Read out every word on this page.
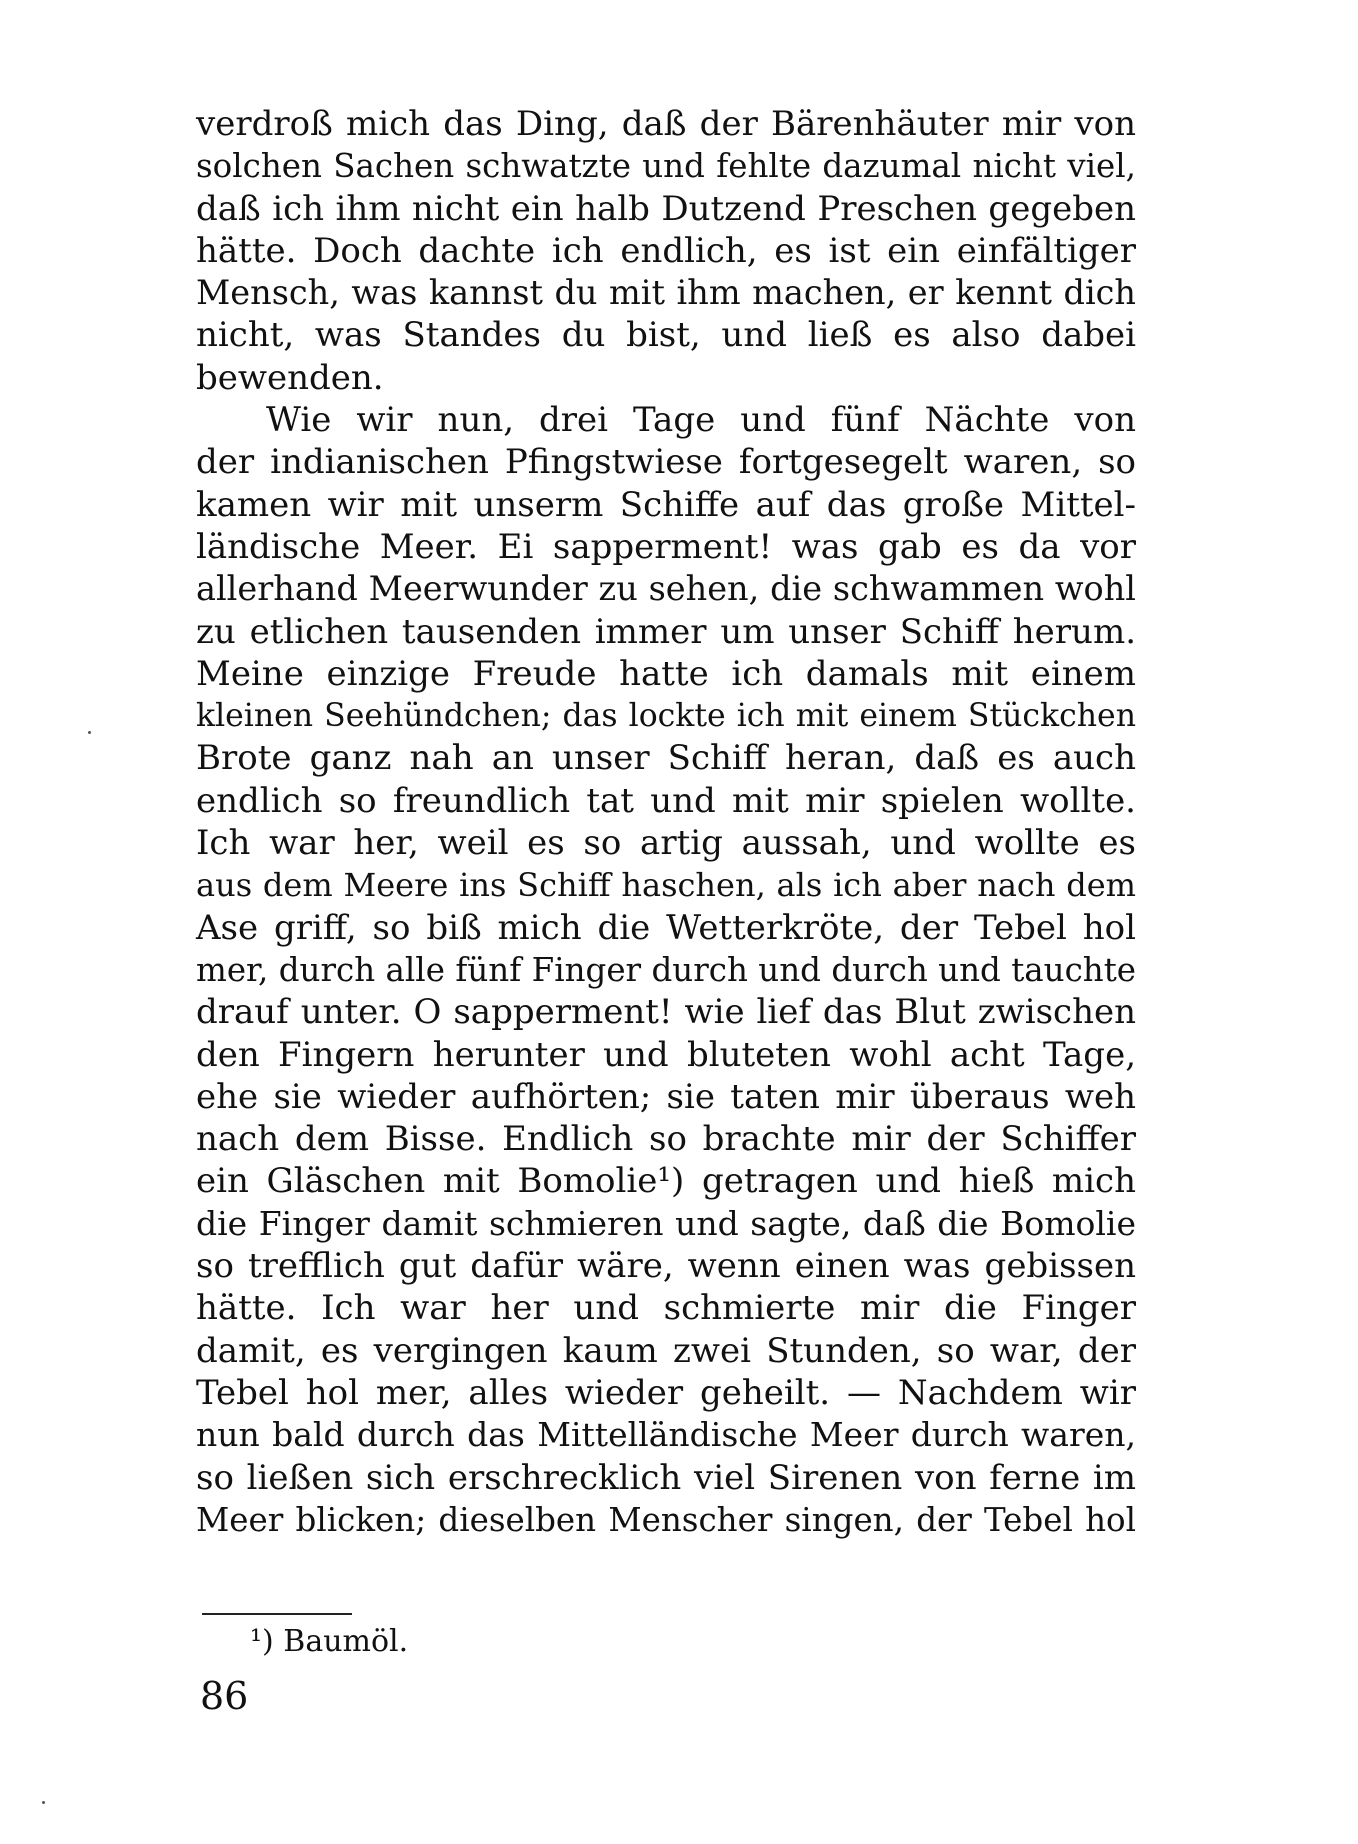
verdroß mich das Ding, daß der Bärenhäuter mir von
solchen Sachen schwatzte und fehlte dazumal nicht viel,
daß ich ihm nicht ein halb Dutzend Preschen gegeben
hätte. Doch dachte ich endlich, es ist ein einfältiger
Mensch, was kannst du mit ihm machen, er kennt dich
nicht, was Standes du bist, und ließ es also dabei
bewenden.
Wie wir nun, drei Tage und fünf Nächte von
der indianischen Pfingstwiese fortgesegelt waren, so
kamen wir mit unserm Schiffe auf das große Mittel-
ländische Meer. Ei sapperment! was gab es da vor
allerhand Meerwunder zu sehen, die schwammen wohl
zu etlichen tausenden immer um unser Schiff herum.
Meine einzige Freude hatte ich damals mit einem
kleinen Seehündchen; das lockte ich mit einem Stückchen
Brote ganz nah an unser Schiff heran, daß es auch
endlich so freundlich tat und mit mir spielen wollte.
Ich war her, weil es so artig aussah, und wollte es
aus dem Meere ins Schiff haschen, als ich aber nach dem
Ase griff, so biß mich die Wetterkröte, der Tebel hol
mer, durch alle fünf Finger durch und durch und tauchte
drauf unter. O sapperment! wie lief das Blut zwischen
den Fingern herunter und bluteten wohl acht Tage,
ehe sie wieder aufhörten; sie taten mir überaus weh
nach dem Bisse. Endlich so brachte mir der Schiffer
ein Gläschen mit Bomolie¹) getragen und hieß mich
die Finger damit schmieren und sagte, daß die Bomolie
so trefflich gut dafür wäre, wenn einen was gebissen
hätte. Ich war her und schmierte mir die Finger
damit, es vergingen kaum zwei Stunden, so war, der
Tebel hol mer, alles wieder geheilt. — Nachdem wir
nun bald durch das Mittelländische Meer durch waren,
so ließen sich erschrecklich viel Sirenen von ferne im
Meer blicken; dieselben Menscher singen, der Tebel hol
¹) Baumöl.
86
